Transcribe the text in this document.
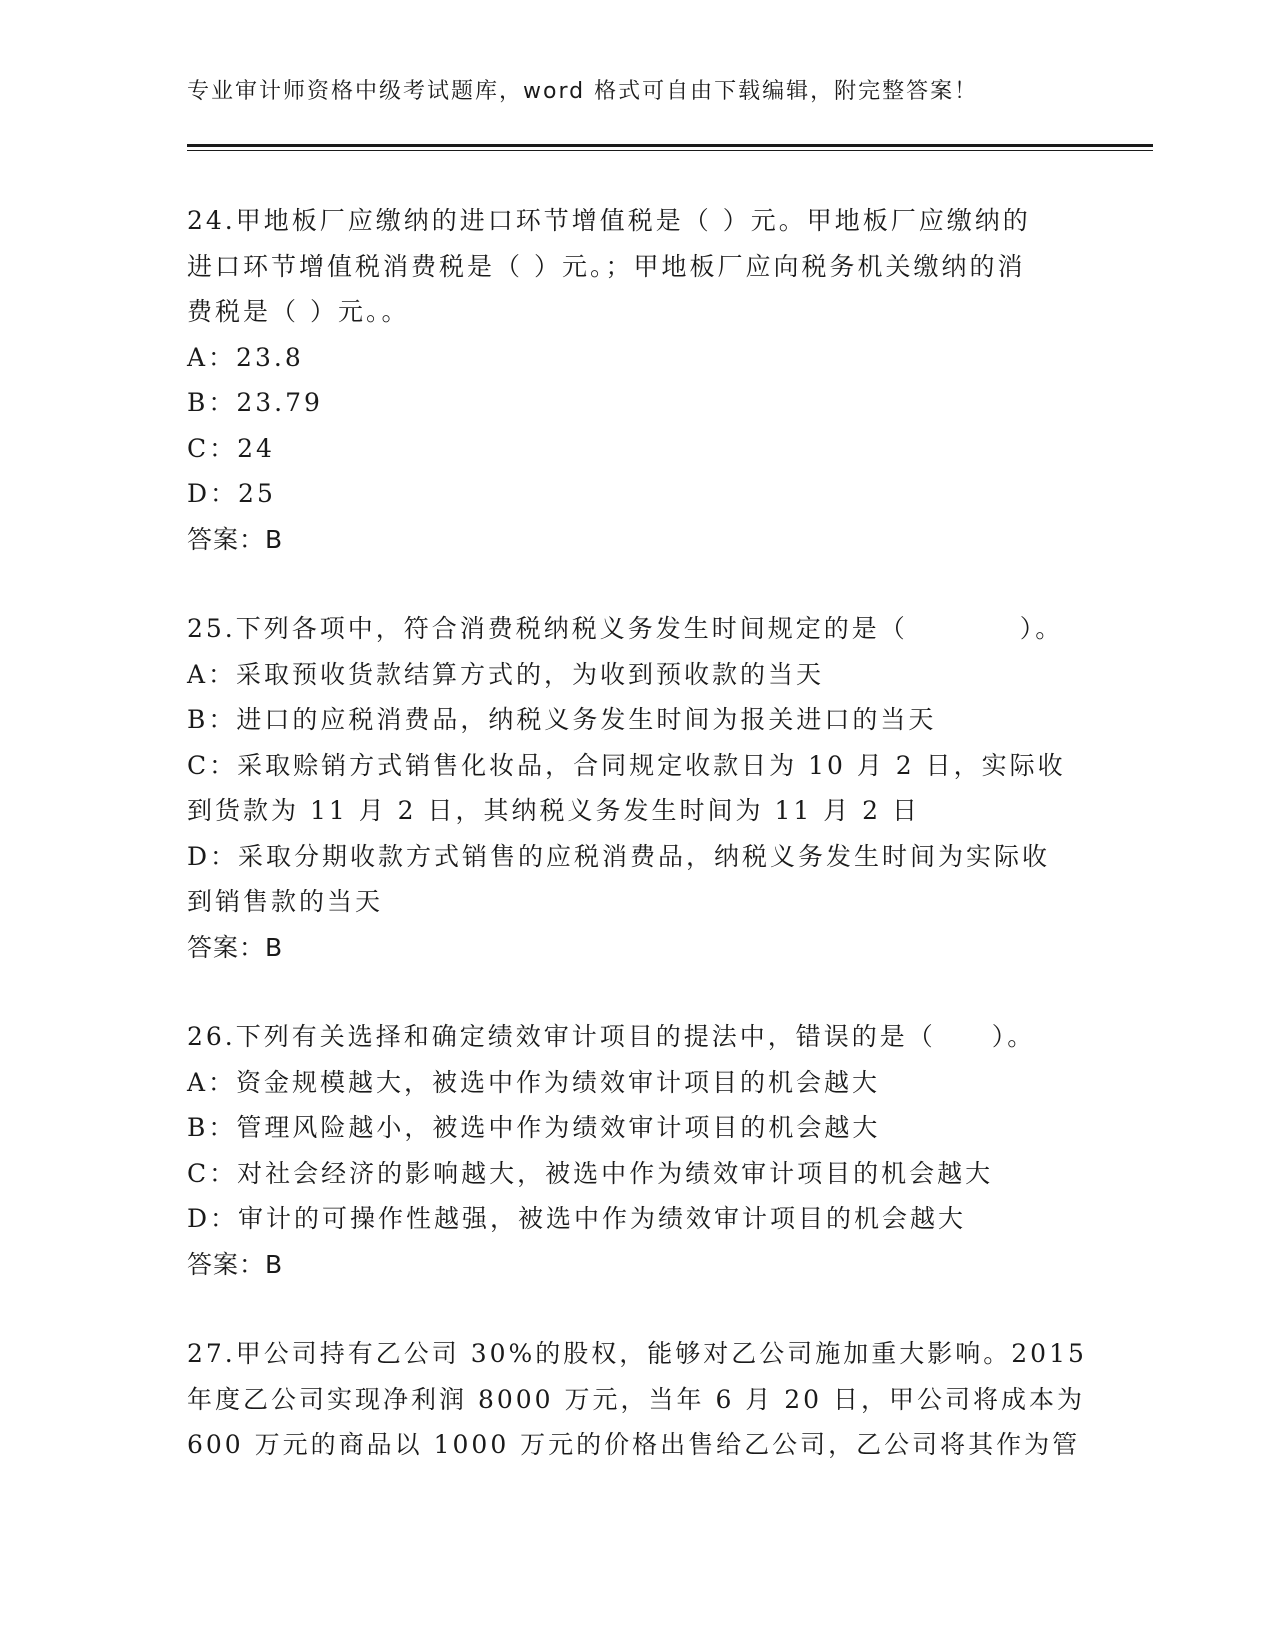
专业审计师资格中级考试题库，word 格式可自由下载编辑，附完整答案！
24.甲地板厂应缴纳的进口环节增值税是（ ）元。甲地板厂应缴纳的
进口环节增值税消费税是（ ）元。；甲地板厂应向税务机关缴纳的消
费税是（ ）元。。
A：23.8
B：23.79
C：24
D：25
答案：B
25.下列各项中，符合消费税纳税义务发生时间规定的是（　　　　）。
A：采取预收货款结算方式的，为收到预收款的当天
B：进口的应税消费品，纳税义务发生时间为报关进口的当天
C：采取赊销方式销售化妆品，合同规定收款日为 10 月 2 日，实际收
到货款为 11 月 2 日，其纳税义务发生时间为 11 月 2 日
D：采取分期收款方式销售的应税消费品，纳税义务发生时间为实际收
到销售款的当天
答案：B
26.下列有关选择和确定绩效审计项目的提法中，错误的是（　　）。
A：资金规模越大，被选中作为绩效审计项目的机会越大
B：管理风险越小，被选中作为绩效审计项目的机会越大
C：对社会经济的影响越大，被选中作为绩效审计项目的机会越大
D：审计的可操作性越强，被选中作为绩效审计项目的机会越大
答案：B
27.甲公司持有乙公司 30%的股权，能够对乙公司施加重大影响。2015
年度乙公司实现净利润 8000 万元，当年 6 月 20 日，甲公司将成本为
600 万元的商品以 1000 万元的价格出售给乙公司，乙公司将其作为管
